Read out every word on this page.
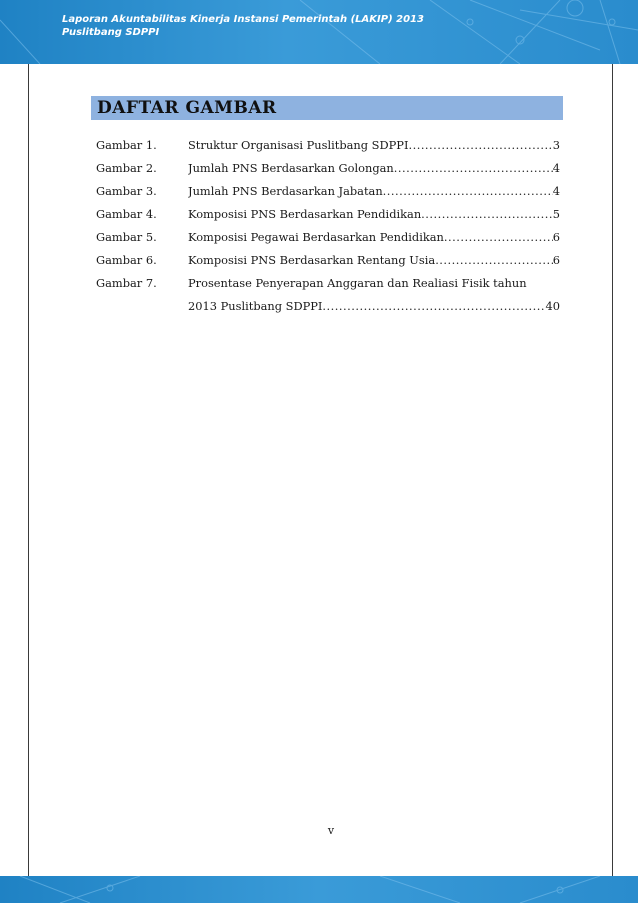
Laporan Akuntabilitas Kinerja Instansi Pemerintah (LAKIP) 2013
Puslitbang SDPPI
DAFTAR GAMBAR
Gambar 1.	Struktur Organisasi Puslitbang SDPPI .....	3
Gambar 2.	Jumlah PNS Berdasarkan Golongan .....	4
Gambar 3.	Jumlah PNS Berdasarkan Jabatan .....	4
Gambar 4.	Komposisi PNS Berdasarkan Pendidikan .....	5
Gambar 5.	Komposisi Pegawai Berdasarkan Pendidikan .....	6
Gambar 6.	Komposisi PNS Berdasarkan Rentang Usia .....	6
Gambar 7.	Prosentase Penyerapan Anggaran dan Realiasi Fisik tahun
2013 Puslitbang SDPPI .....	40
v
